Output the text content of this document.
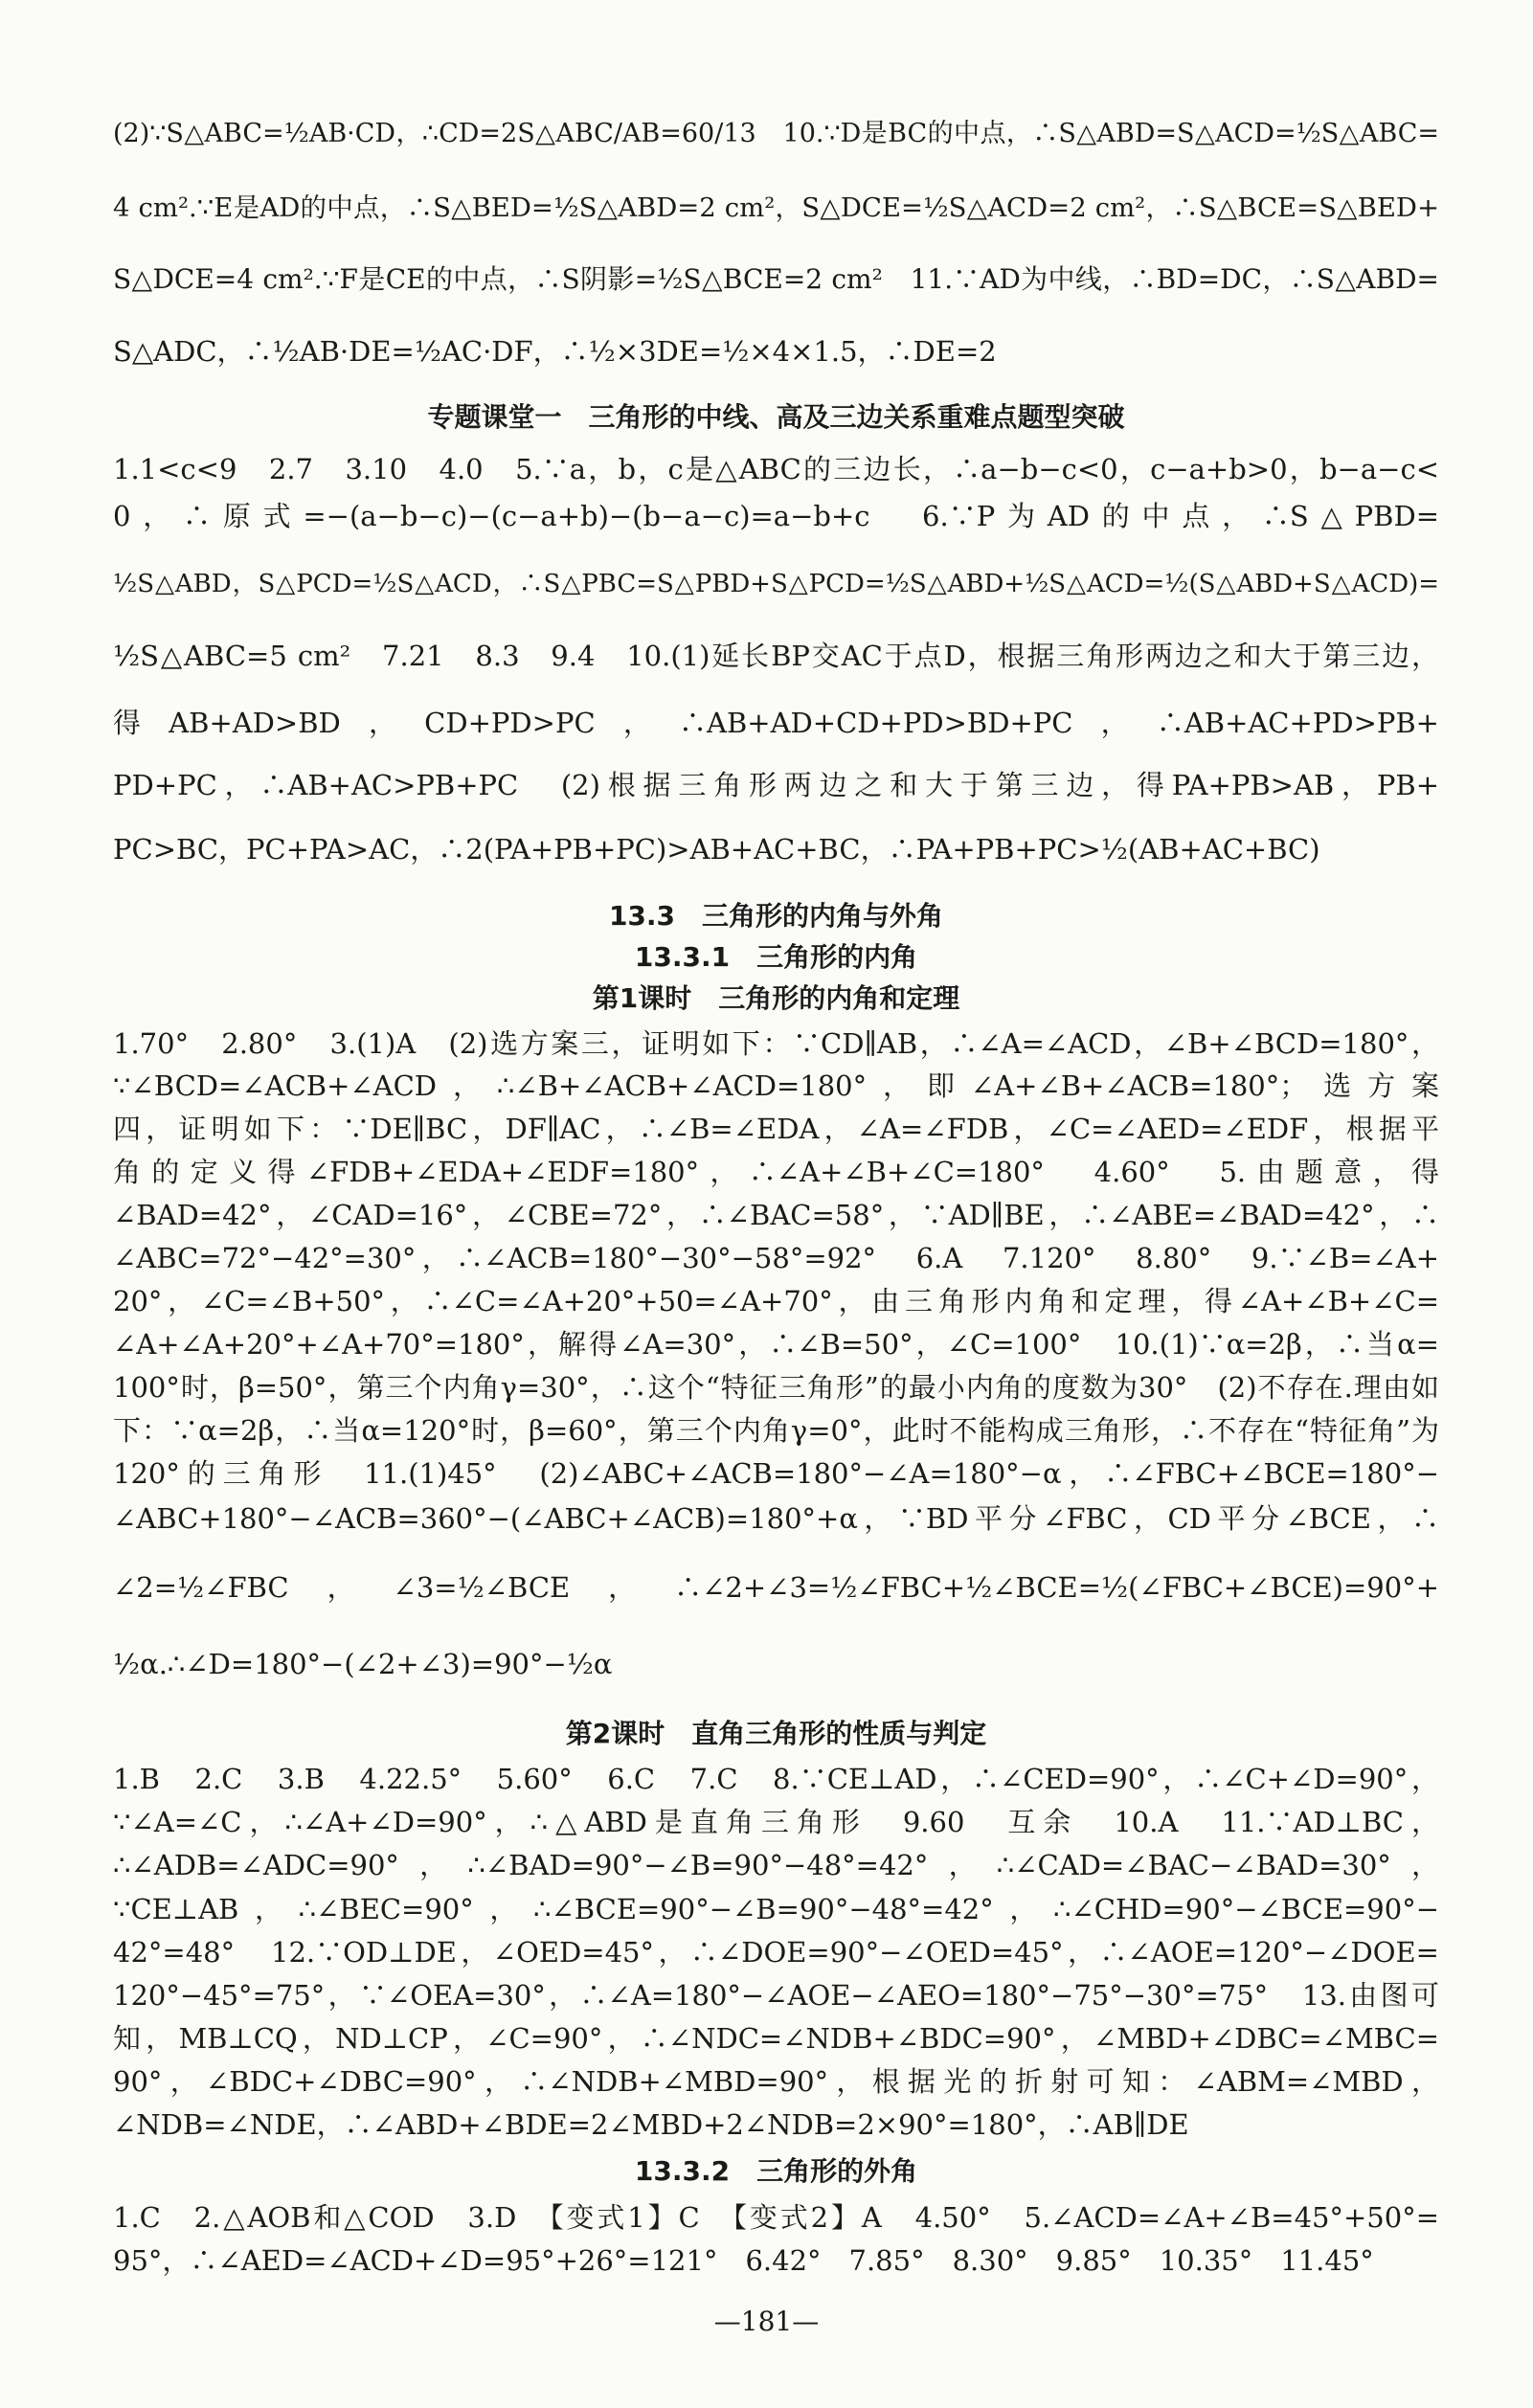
(2)∵S△ABC=½AB·CD，∴CD=2S△ABC/AB=60/13　10.∵D是BC的中点，∴S△ABD=S△ACD=½S△ABC=
4 cm².∵E是AD的中点，∴S△BED=½S△ABD=2 cm²，S△DCE=½S△ACD=2 cm²，∴S△BCE=S△BED+
S△DCE=4 cm².∵F是CE的中点，∴S阴影=½S△BCE=2 cm²　11.∵AD为中线，∴BD=DC，∴S△ABD=
S△ADC，∴½AB·DE=½AC·DF，∴½×3DE=½×4×1.5，∴DE=2
专题课堂一　三角形的中线、高及三边关系重难点题型突破
1.1<c<9　2.7　3.10　4.0　5.∵a，b，c是△ABC的三边长，∴a−b−c<0，c−a+b>0，b−a−c<
0，∴原式=−(a−b−c)−(c−a+b)−(b−a−c)=a−b+c　6.∵P为AD的中点，∴S△PBD=
½S△ABD，S△PCD=½S△ACD，∴S△PBC=S△PBD+S△PCD=½S△ABD+½S△ACD=½(S△ABD+S△ACD)=
½S△ABC=5 cm²　7.21　8.3　9.4　10.(1)延长BP交AC于点D，根据三角形两边之和大于第三边，
得AB+AD>BD，CD+PD>PC，∴AB+AD+CD+PD>BD+PC，∴AB+AC+PD>PB+
PD+PC，∴AB+AC>PB+PC　(2)根据三角形两边之和大于第三边，得PA+PB>AB，PB+
PC>BC，PC+PA>AC，∴2(PA+PB+PC)>AB+AC+BC，∴PA+PB+PC>½(AB+AC+BC)
13.3　三角形的内角与外角
13.3.1　三角形的内角
第1课时　三角形的内角和定理
1.70°　2.80°　3.(1)A　(2)选方案三，证明如下：∵CD∥AB，∴∠A=∠ACD，∠B+∠BCD=180°，
∵∠BCD=∠ACB+∠ACD，∴∠B+∠ACB+∠ACD=180°，即∠A+∠B+∠ACB=180°；选方案
四，证明如下：∵DE∥BC，DF∥AC，∴∠B=∠EDA，∠A=∠FDB，∠C=∠AED=∠EDF，根据平
角的定义得∠FDB+∠EDA+∠EDF=180°，∴∠A+∠B+∠C=180°　4.60°　5.由题意，得
∠BAD=42°，∠CAD=16°，∠CBE=72°，∴∠BAC=58°，∵AD∥BE，∴∠ABE=∠BAD=42°，∴
∠ABC=72°−42°=30°，∴∠ACB=180°−30°−58°=92°　6.A　7.120°　8.80°　9.∵∠B=∠A+
20°，∠C=∠B+50°，∴∠C=∠A+20°+50=∠A+70°，由三角形内角和定理，得∠A+∠B+∠C=
∠A+∠A+20°+∠A+70°=180°，解得∠A=30°，∴∠B=50°，∠C=100°　10.(1)∵α=2β，∴当α=
100°时，β=50°，第三个内角γ=30°，∴这个“特征三角形”的最小内角的度数为30°　(2)不存在.理由如
下：∵α=2β，∴当α=120°时，β=60°，第三个内角γ=0°，此时不能构成三角形，∴不存在“特征角”为
120°的三角形　11.(1)45°　(2)∠ABC+∠ACB=180°−∠A=180°−α，∴∠FBC+∠BCE=180°−
∠ABC+180°−∠ACB=360°−(∠ABC+∠ACB)=180°+α，∵BD平分∠FBC，CD平分∠BCE，∴
∠2=½∠FBC，∠3=½∠BCE，∴∠2+∠3=½∠FBC+½∠BCE=½(∠FBC+∠BCE)=90°+
½α.∴∠D=180°−(∠2+∠3)=90°−½α
第2课时　直角三角形的性质与判定
1.B　2.C　3.B　4.22.5°　5.60°　6.C　7.C　8.∵CE⊥AD，∴∠CED=90°，∴∠C+∠D=90°，
∵∠A=∠C，∴∠A+∠D=90°，∴△ABD是直角三角形　9.60　互余　10.A　11.∵AD⊥BC，
∴∠ADB=∠ADC=90°，∴∠BAD=90°−∠B=90°−48°=42°，∴∠CAD=∠BAC−∠BAD=30°，
∵CE⊥AB，∴∠BEC=90°，∴∠BCE=90°−∠B=90°−48°=42°，∴∠CHD=90°−∠BCE=90°−
42°=48°　12.∵OD⊥DE，∠OED=45°，∴∠DOE=90°−∠OED=45°，∴∠AOE=120°−∠DOE=
120°−45°=75°，∵∠OEA=30°，∴∠A=180°−∠AOE−∠AEO=180°−75°−30°=75°　13.由图可
知，MB⊥CQ，ND⊥CP，∠C=90°，∴∠NDC=∠NDB+∠BDC=90°，∠MBD+∠DBC=∠MBC=
90°，∠BDC+∠DBC=90°，∴∠NDB+∠MBD=90°，根据光的折射可知：∠ABM=∠MBD，
∠NDB=∠NDE，∴∠ABD+∠BDE=2∠MBD+2∠NDB=2×90°=180°，∴AB∥DE
13.3.2　三角形的外角
1.C　2.△AOB和△COD　3.D　【变式1】C　【变式2】A　4.50°　5.∠ACD=∠A+∠B=45°+50°=
95°，∴∠AED=∠ACD+∠D=95°+26°=121°　6.42°　7.85°　8.30°　9.85°　10.35°　11.45°
—181—
